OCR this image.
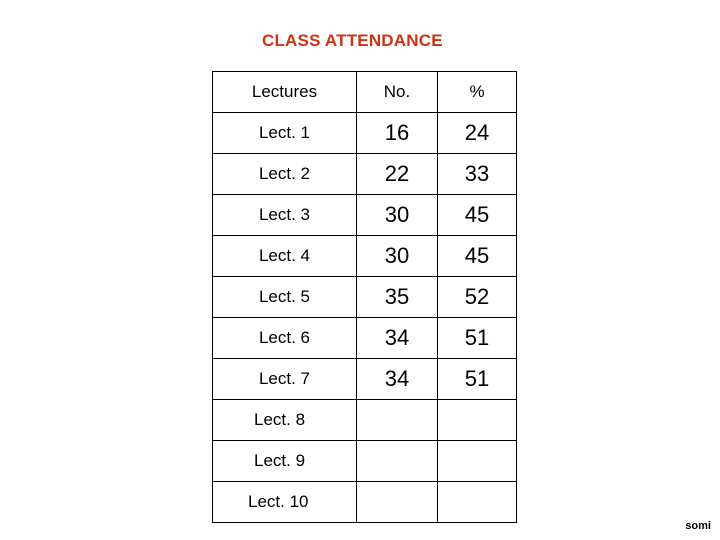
CLASS ATTENDANCE
Lectures	No.	%
Lect. 1	16	24
Lect. 2	22	33
Lect. 3	30	45
Lect. 4	30	45
Lect. 5	35	52
Lect. 6	34	51
Lect. 7	34	51

Lect. 8		

Lect. 9		

Lect. 10		

somi
